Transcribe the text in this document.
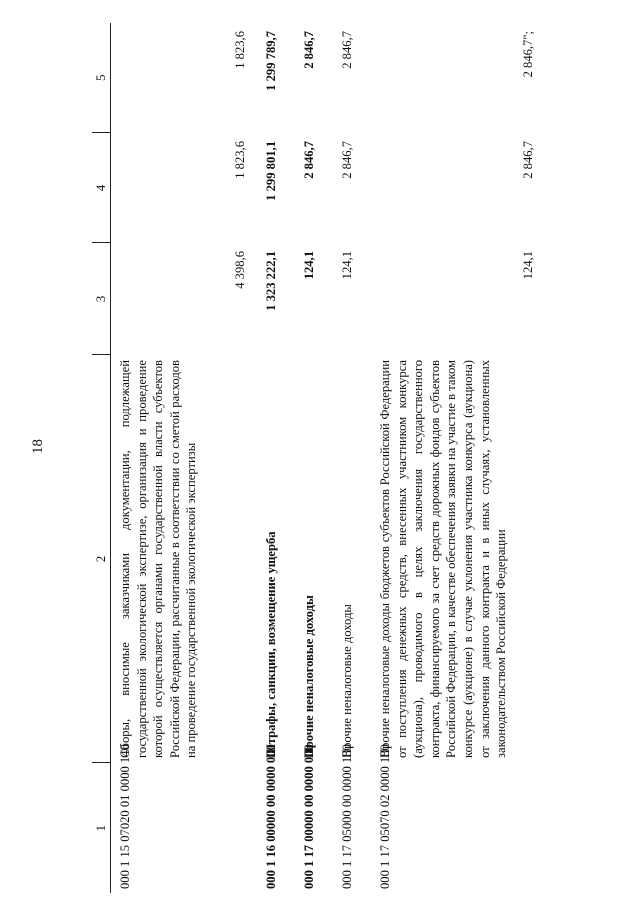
18
1	2	3	4	5
000 1 15 07020 01 0000 140	Сборы, вносимые заказчиками документации, подлежащей государственной экологической экспертизе, организация и проведение которой осуществляется органами государственной власти субъектов Российской Федерации, рассчитанные в соответствии со сметой расходов на проведение государственной экологической экспертизы	4 398,6	1 823,6	1 823,6
000 1 16 00000 00 0000 000	Штрафы, санкции, возмещение ущерба	1 323 222,1	1 299 801,1	1 299 789,7
000 1 17 00000 00 0000 000	Прочие неналоговые доходы	124,1	2 846,7	2 846,7
000 1 17 05000 00 0000 180	Прочие неналоговые доходы	124,1	2 846,7	2 846,7
000 1 17 05070 02 0000 180	Прочие неналоговые доходы бюджетов субъектов Российской Федерации от поступления денежных средств, внесенных участником конкурса (аукциона), проводимого в целях заключения государственного контракта, финансируемого за счет средств дорожных фондов субъектов Российской Федерации, в качестве обеспечения заявки на участие в таком конкурсе (аукционе) в случае уклонения участника конкурса (аукциона) от заключения данного контракта и в иных случаях, установленных законодательством Российской Федерации	124,1	2 846,7	2 846,7";
